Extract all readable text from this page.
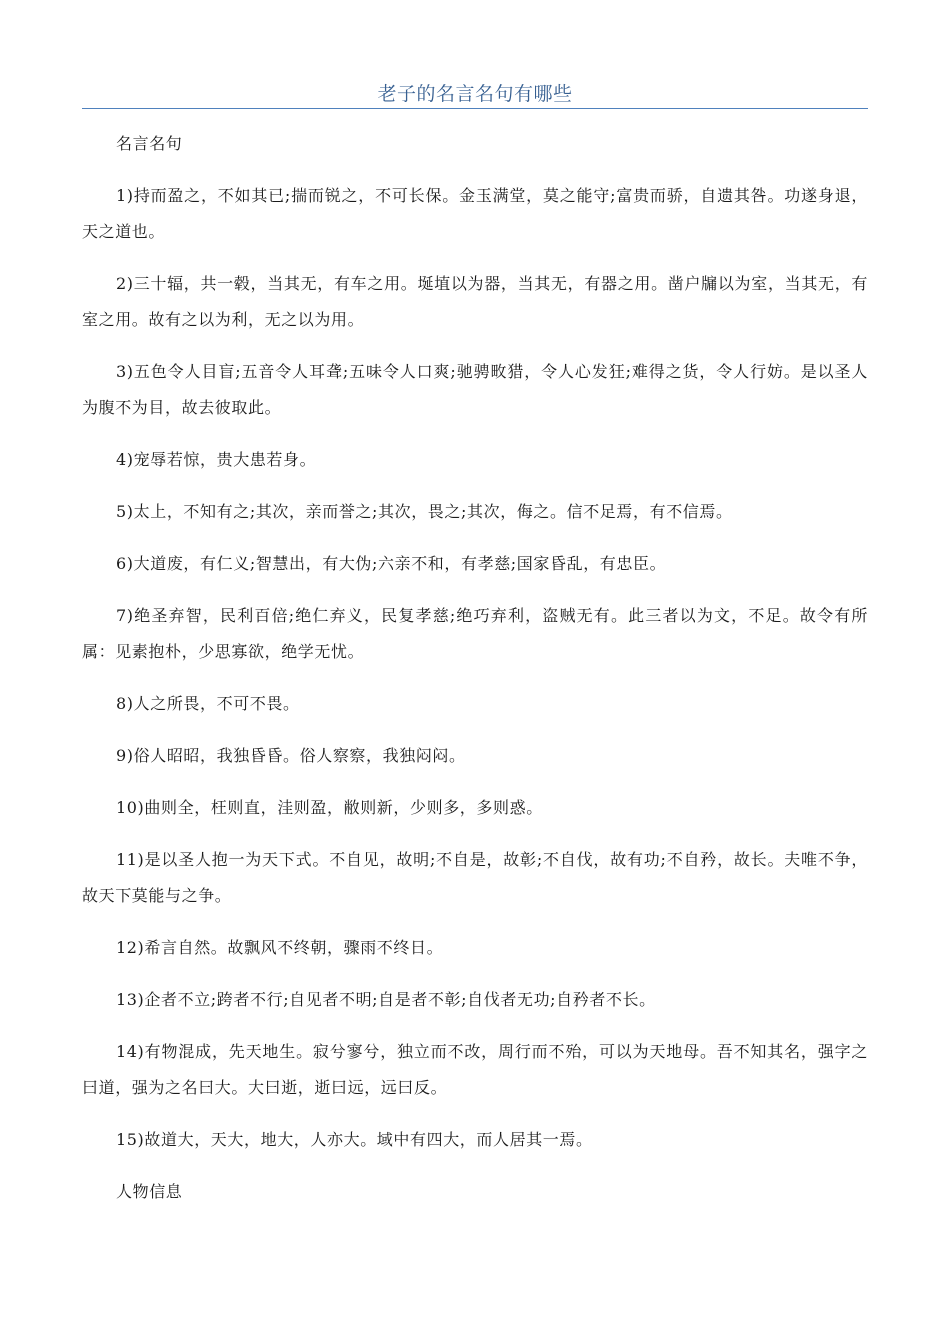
老子的名言名句有哪些

名言名句

1)持而盈之，不如其已;揣而锐之，不可长保。金玉满堂，莫之能守;富贵而骄，自遗其咎。功遂身退，天之道也。

2)三十辐，共一毂，当其无，有车之用。埏埴以为器，当其无，有器之用。凿户牖以为室，当其无，有室之用。故有之以为利，无之以为用。

3)五色令人目盲;五音令人耳聋;五味令人口爽;驰骋畋猎，令人心发狂;难得之货，令人行妨。是以圣人为腹不为目，故去彼取此。

4)宠辱若惊，贵大患若身。

5)太上，不知有之;其次，亲而誉之;其次，畏之;其次，侮之。信不足焉，有不信焉。

6)大道废，有仁义;智慧出，有大伪;六亲不和，有孝慈;国家昏乱，有忠臣。

7)绝圣弃智，民利百倍;绝仁弃义，民复孝慈;绝巧弃利，盗贼无有。此三者以为文，不足。故令有所属：见素抱朴，少思寡欲，绝学无忧。

8)人之所畏，不可不畏。

9)俗人昭昭，我独昏昏。俗人察察，我独闷闷。

10)曲则全，枉则直，洼则盈，敝则新，少则多，多则惑。

11)是以圣人抱一为天下式。不自见，故明;不自是，故彰;不自伐，故有功;不自矜，故长。夫唯不争，故天下莫能与之争。

12)希言自然。故飘风不终朝，骤雨不终日。

13)企者不立;跨者不行;自见者不明;自是者不彰;自伐者无功;自矜者不长。

14)有物混成，先天地生。寂兮寥兮，独立而不改，周行而不殆，可以为天地母。吾不知其名，强字之曰道，强为之名曰大。大曰逝，逝曰远，远曰反。

15)故道大，天大，地大，人亦大。域中有四大，而人居其一焉。

人物信息
